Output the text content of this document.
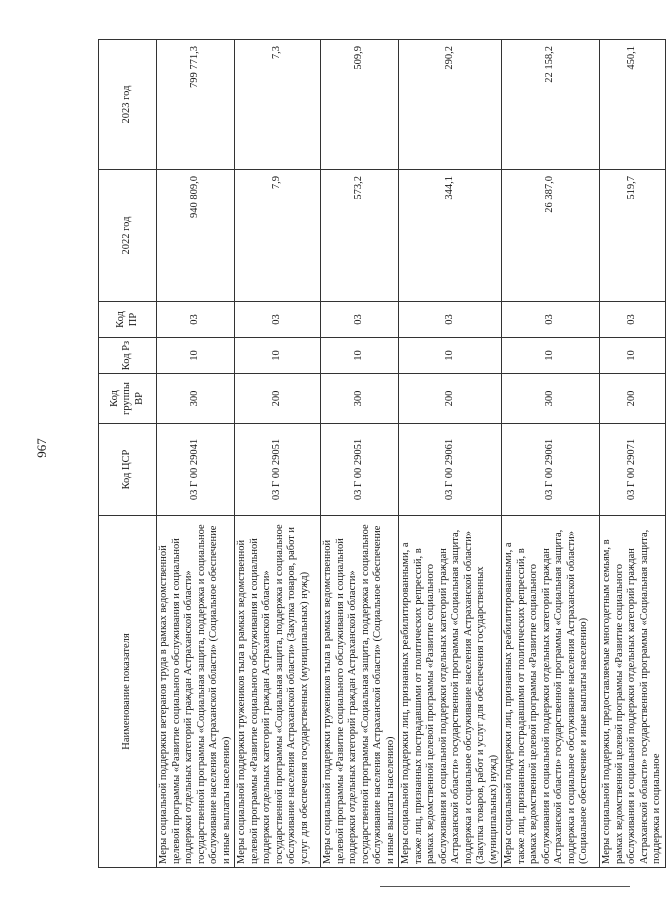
967
Наименование показателя	Код ЦСР	Код группы ВР	Код Рз	Код ПР	2022 год	2023 год
Меры социальной поддержки ветеранов труда в рамках ведомственной целевой программы «Развитие социального обслуживания и социальной поддержки отдельных категорий граждан Астраханской области» государственной программы «Социальная защита, поддержка и социальное обслуживание населения Астраханской области» (Социальное обеспечение и иные выплаты населению)	03 Г 00 29041	300	10	03	940 809,0	799 771,3
Меры социальной поддержки тружеников тыла в рамках ведомственной целевой программы «Развитие социального обслуживания и социальной поддержки отдельных категорий граждан Астраханской области» государственной программы «Социальная защита, поддержка и социальное обслуживание населения Астраханской области» (Закупка товаров, работ и услуг для обеспечения государственных (муниципальных) нужд)	03 Г 00 29051	200	10	03	7,9	7,3
Меры социальной поддержки тружеников тыла в рамках ведомственной целевой программы «Развитие социального обслуживания и социальной поддержки отдельных категорий граждан Астраханской области» государственной программы «Социальная защита, поддержка и социальное обслуживание населения Астраханской области» (Социальное обеспечение и иные выплаты населению)	03 Г 00 29051	300	10	03	573,2	509,9
Меры социальной поддержки лиц, признанных реабилитированными, а также лиц, признанных пострадавшими от политических репрессий, в рамках ведомственной целевой программы «Развитие социального обслуживания и социальной поддержки отдельных категорий граждан Астраханской области» государственной программы «Социальная защита, поддержка и социальное обслуживание населения Астраханской области» (Закупка товаров, работ и услуг для обеспечения государственных (муниципальных) нужд)	03 Г 00 29061	200	10	03	344,1	290,2
Меры социальной поддержки лиц, признанных реабилитированными, а также лиц, признанных пострадавшими от политических репрессий, в рамках ведомственной целевой программы «Развитие социального обслуживания и социальной поддержки отдельных категорий граждан Астраханской области» государственной программы «Социальная защита, поддержка и социальное обслуживание населения Астраханской области» (Социальное обеспечение и иные выплаты населению)	03 Г 00 29061	300	10	03	26 387,0	22 158,2
Меры социальной поддержки, предоставляемые многодетным семьям, в рамках ведомственной целевой программы «Развитие социального обслуживания и социальной поддержки отдельных категорий граждан Астраханской области» государственной программы «Социальная защита, поддержка и социальное	03 Г 00 29071	200	10	03	519,7	450,1
